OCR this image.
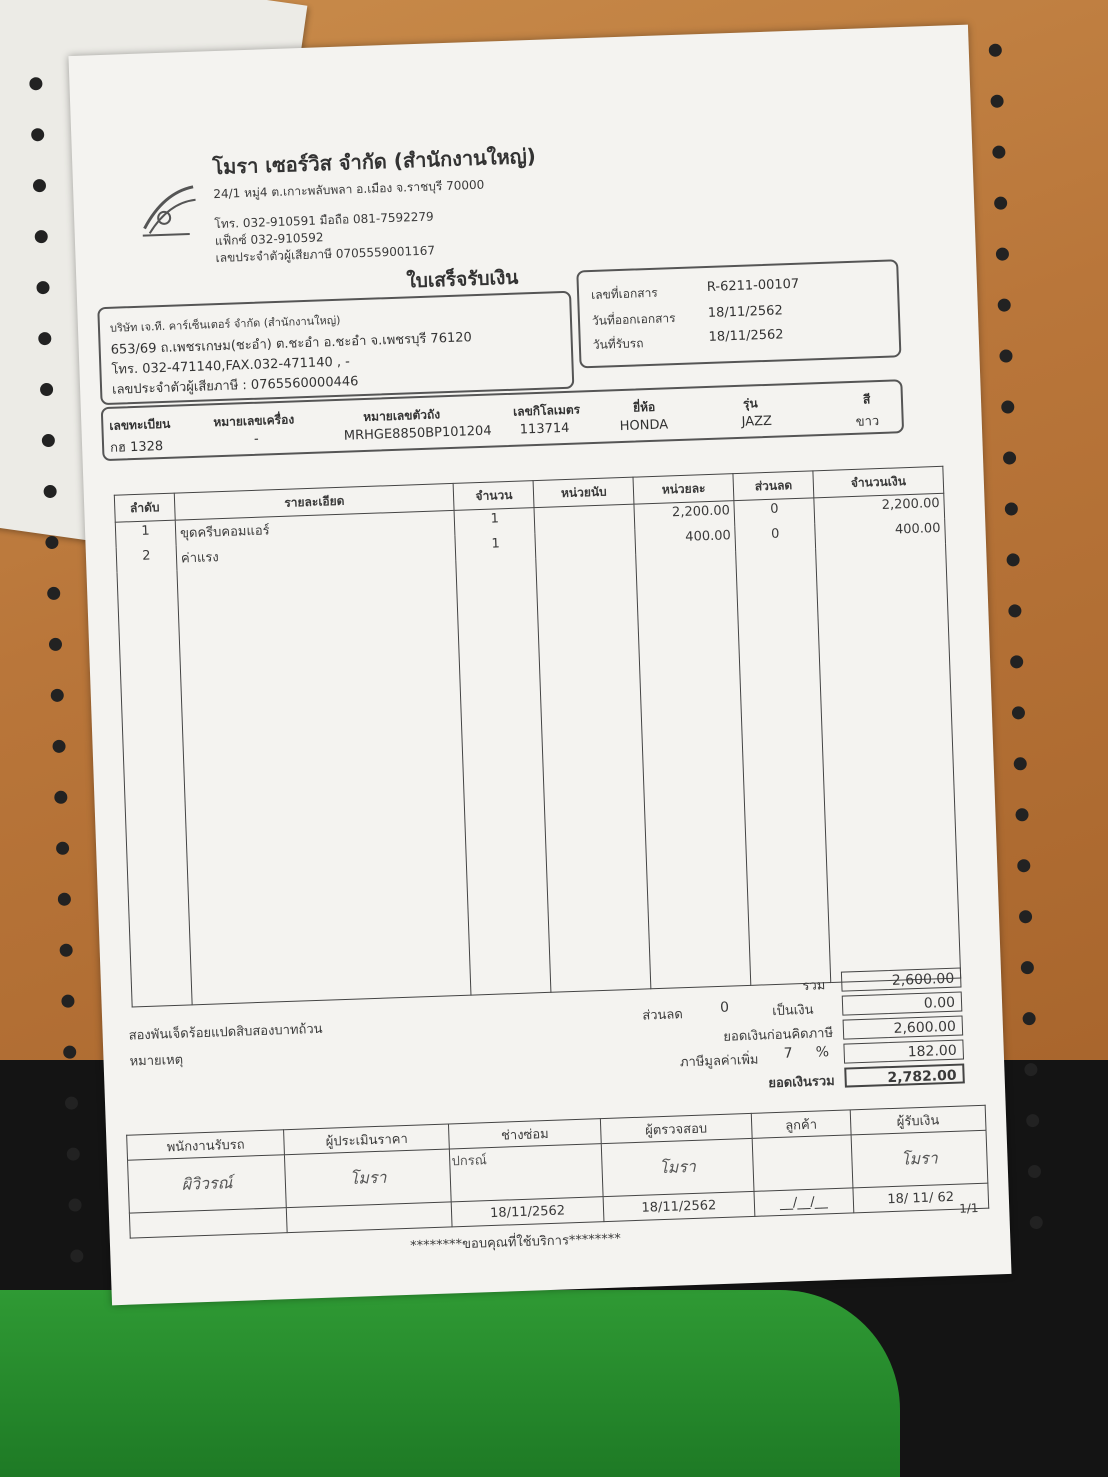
โมรา เซอร์วิส จำกัด (สำนักงานใหญ่)
24/1 หมู่4 ต.เกาะพลับพลา อ.เมือง จ.ราชบุรี 70000
โทร. 032-910591 มือถือ 081-7592279
แฟ็กซ์ 032-910592
เลขประจำตัวผู้เสียภาษี 0705559001167
ใบเสร็จรับเงิน
บริษัท เจ.ที. คาร์เซ็นเตอร์ จำกัด (สำนักงานใหญ่)
653/69 ถ.เพชรเกษม(ชะอำ) ต.ชะอำ อ.ชะอำ จ.เพชรบุรี 76120
โทร. 032-471140,FAX.032-471140 , -
เลขประจำตัวผู้เสียภาษี : 0765560000446
เลขที่เอกสาร	R-6211-00107
วันที่ออกเอกสาร 18/11/2562
วันที่รับรถ	18/11/2562
เลขทะเบียน	หมายเลขเครื่อง	หมายเลขตัวถัง	เลขกิโลเมตร	ยี่ห้อ	รุ่น	สี
กฮ 1328	-	MRHGE8850BP101204 113714	HONDA	JAZZ	ขาว
ลำดับ	รายละเอียด	จำนวน	หน่วยนับ	หน่วยละ	ส่วนลด	จำนวนเงิน
1	ขุดครีบคอมแอร์	1		2,200.00	0	2,200.00
2	ค่าแรง	1		400.00	0	400.00

รวม	2,600.00
สองพันเจ็ดร้อยแปดสิบสองบาทถ้วน
หมายเหตุ
ส่วนลด	0	เป็นเงิน	0.00
ยอดเงินก่อนคิดภาษี	2,600.00
ภาษีมูลค่าเพิ่ม 7 %	182.00
ยอดเงินรวม	2,782.00
พนักงานรับรถ	ผู้ประเมินราคา	ช่างซ่อม	ผู้ตรวจสอบ	ลูกค้า	ผู้รับเงิน
ผิวิวรณ์	โมรา	ปกรณ์	โมรา		โมรา
		18/11/2562	18/11/2562	__/__/__	18/ 11/ 62
********ขอบคุณที่ใช้บริการ********
1/1
